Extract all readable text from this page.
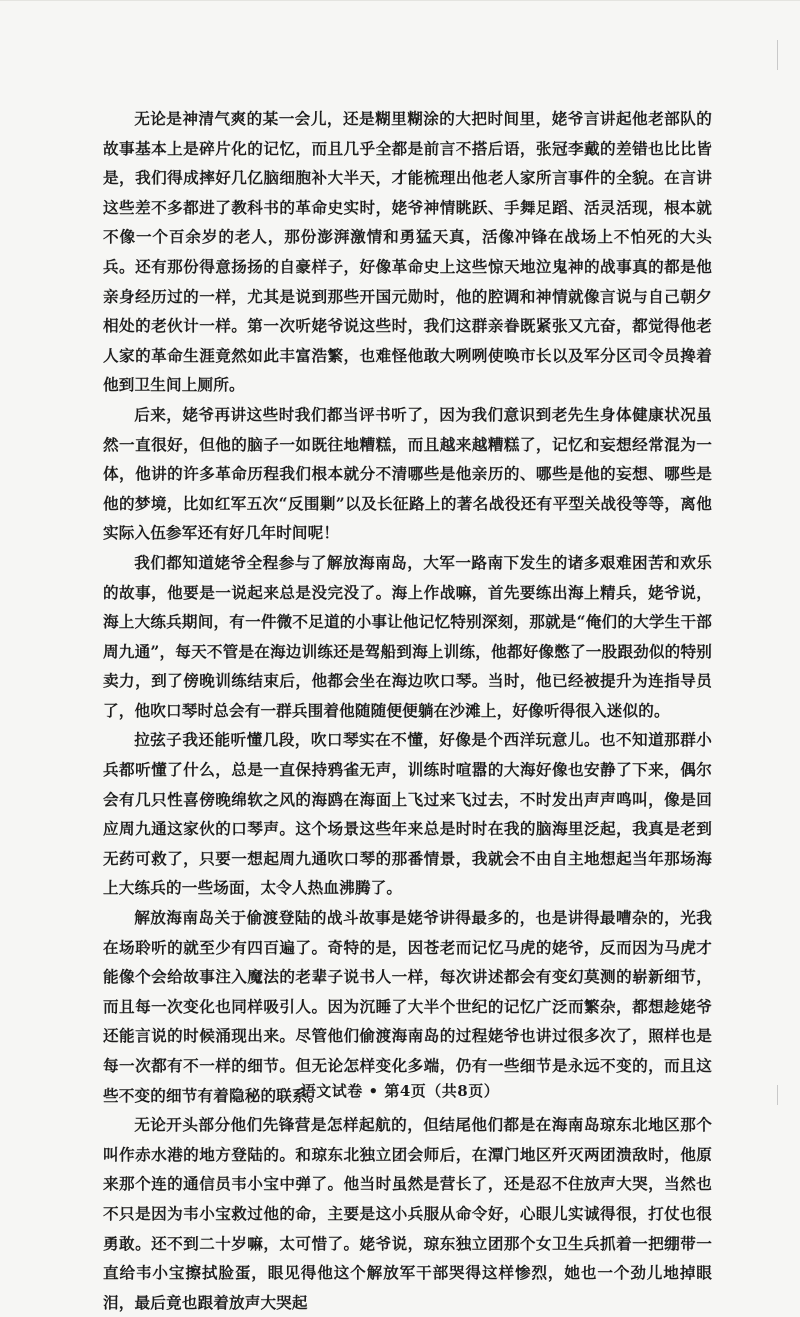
无论是神清气爽的某一会儿，还是糊里糊涂的大把时间里，姥爷言讲起他老部队的故事基本上是碎片化的记忆，而且几乎全都是前言不搭后语，张冠李戴的差错也比比皆是，我们得成摔好几亿脑细胞补大半天，才能梳理出他老人家所言事件的全貌。在言讲这些差不多都进了教科书的革命史实时，姥爷神情眺跃、手舞足蹈、活灵活现，根本就不像一个百余岁的老人，那份澎湃激情和勇猛天真，活像冲锋在战场上不怕死的大头兵。还有那份得意扬扬的自豪样子，好像革命史上这些惊天地泣鬼神的战事真的都是他亲身经历过的一样，尤其是说到那些开国元勋时，他的腔调和神情就像言说与自己朝夕相处的老伙计一样。第一次听姥爷说这些时，我们这群亲眷既紧张又亢奋，都觉得他老人家的革命生涯竟然如此丰富浩繁，也难怪他敢大咧咧使唤市长以及军分区司令员搀着他到卫生间上厕所。

后来，姥爷再讲这些时我们都当评书听了，因为我们意识到老先生身体健康状况虽然一直很好，但他的脑子一如既往地糟糕，而且越来越糟糕了，记忆和妄想经常混为一体，他讲的许多革命历程我们根本就分不清哪些是他亲历的、哪些是他的妄想、哪些是他的梦境，比如红军五次“反围剿”以及长征路上的著名战役还有平型关战役等等，离他实际入伍参军还有好几年时间呢！

我们都知道姥爷全程参与了解放海南岛，大军一路南下发生的诸多艰难困苦和欢乐的故事，他要是一说起来总是没完没了。海上作战嘛，首先要练出海上精兵，姥爷说，海上大练兵期间，有一件微不足道的小事让他记忆特别深刻，那就是“俺们的大学生干部周九通”，每天不管是在海边训练还是驾船到海上训练，他都好像憋了一股跟劲似的特别卖力，到了傍晚训练结束后，他都会坐在海边吹口琴。当时，他已经被提升为连指导员了，他吹口琴时总会有一群兵围着他随随便便躺在沙滩上，好像听得很入迷似的。

拉弦子我还能听懂几段，吹口琴实在不懂，好像是个西洋玩意儿。也不知道那群小兵都听懂了什么，总是一直保持鸦雀无声，训练时喧嚣的大海好像也安静了下来，偶尔会有几只性喜傍晚绵软之风的海鸥在海面上飞过来飞过去，不时发出声声鸣叫，像是回应周九通这家伙的口琴声。这个场景这些年来总是时时在我的脑海里泛起，我真是老到无药可救了，只要一想起周九通吹口琴的那番情景，我就会不由自主地想起当年那场海上大练兵的一些场面，太令人热血沸腾了。

解放海南岛关于偷渡登陆的战斗故事是姥爷讲得最多的，也是讲得最嘈杂的，光我在场聆听的就至少有四百遍了。奇特的是，因苍老而记忆马虎的姥爷，反而因为马虎才能像个会给故事注入魔法的老辈子说书人一样，每次讲述都会有变幻莫测的崭新细节，而且每一次变化也同样吸引人。因为沉睡了大半个世纪的记忆广泛而繁杂，都想趁姥爷还能言说的时候涌现出来。尽管他们偷渡海南岛的过程姥爷也讲过很多次了，照样也是每一次都有不一样的细节。但无论怎样变化多端，仍有一些细节是永远不变的，而且这些不变的细节有着隐秘的联系。

无论开头部分他们先锋营是怎样起航的，但结尾他们都是在海南岛琼东北地区那个叫作赤水港的地方登陆的。和琼东北独立团会师后，在潭门地区歼灭两团溃敌时，他原来那个连的通信员韦小宝中弹了。他当时虽然是营长了，还是忍不住放声大哭，当然也不只是因为韦小宝救过他的命，主要是这小兵服从命令好，心眼儿实诚得很，打仗也很勇敢。还不到二十岁嘛，太可惜了。姥爷说，琼东独立团那个女卫生兵抓着一把绷带一直给韦小宝擦拭脸蛋，眼见得他这个解放军干部哭得这样惨烈，她也一个劲儿地掉眼泪，最后竟也跟着放声大哭起

语文试卷 • 第4页（共8页）
